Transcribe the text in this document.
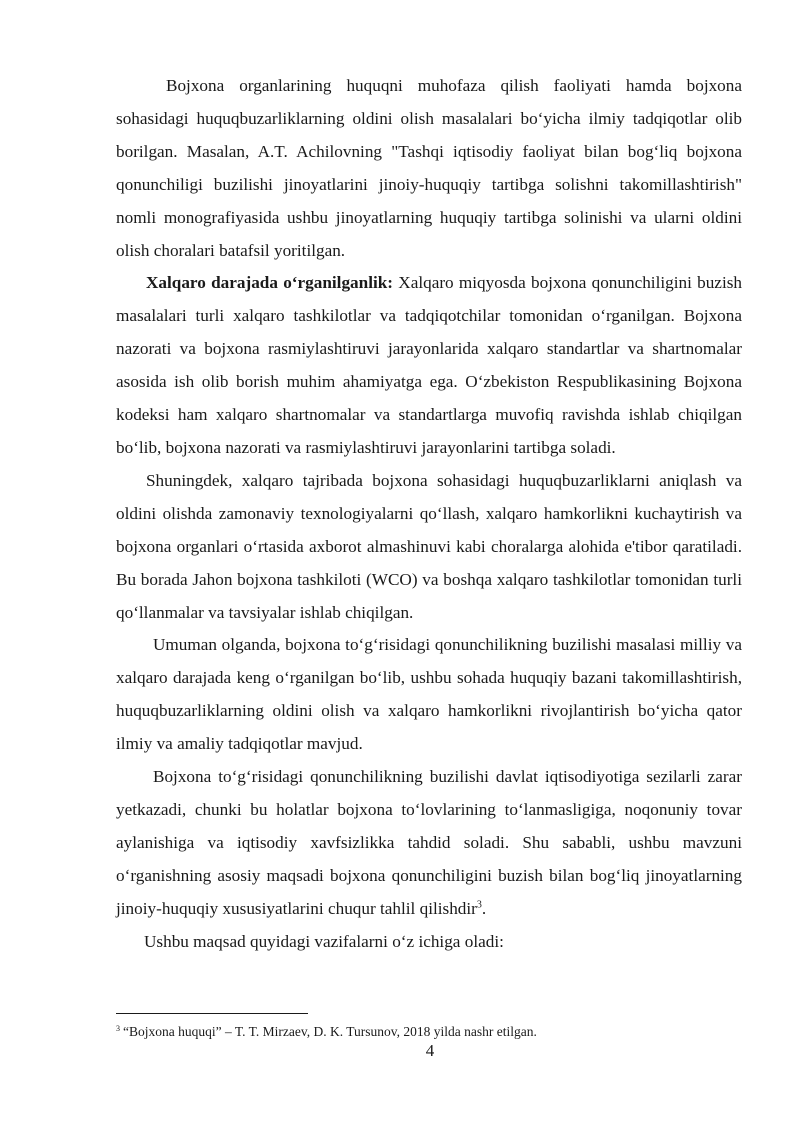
Bojxona organlarining huquqni muhofaza qilish faoliyati hamda bojxona sohasidagi huquqbuzarliklarning oldini olish masalalari bo‘yicha ilmiy tadqiqotlar olib borilgan. Masalan, A.T. Achilovning "Tashqi iqtisodiy faoliyat bilan bog‘liq bojxona qonunchiligi buzilishi jinoyatlarini jinoiy-huquqiy tartibga solishni takomillashtirish" nomli monografiyasida ushbu jinoyatlarning huquqiy tartibga solinishi va ularni oldini olish choralari batafsil yoritilgan.

Xalqaro darajada o‘rganilganlik: Xalqaro miqyosda bojxona qonunchiligini buzish masalalari turli xalqaro tashkilotlar va tadqiqotchilar tomonidan o‘rganilgan. Bojxona nazorati va bojxona rasmiylashtiruvi jarayonlarida xalqaro standartlar va shartnomalar asosida ish olib borish muhim ahamiyatga ega. O‘zbekiston Respublikasining Bojxona kodeksi ham xalqaro shartnomalar va standartlarga muvofiq ravishda ishlab chiqilgan bo‘lib, bojxona nazorati va rasmiylashtiruvi jarayonlarini tartibga soladi.

Shuningdek, xalqaro tajribada bojxona sohasidagi huquqbuzarliklarni aniqlash va oldini olishda zamonaviy texnologiyalarni qo‘llash, xalqaro hamkorlikni kuchaytirish va bojxona organlari o‘rtasida axborot almashinuvi kabi choralarga alohida e'tibor qaratiladi. Bu borada Jahon bojxona tashkiloti (WCO) va boshqa xalqaro tashkilotlar tomonidan turli qo‘llanmalar va tavsiyalar ishlab chiqilgan.

Umuman olganda, bojxona to‘g‘risidagi qonunchilikning buzilishi masalasi milliy va xalqaro darajada keng o‘rganilgan bo‘lib, ushbu sohada huquqiy bazani takomillashtirish, huquqbuzarliklarning oldini olish va xalqaro hamkorlikni rivojlantirish bo‘yicha qator ilmiy va amaliy tadqiqotlar mavjud.

Bojxona to‘g‘risidagi qonunchilikning buzilishi davlat iqtisodiyotiga sezilarli zarar yetkazadi, chunki bu holatlar bojxona to‘lovlarining to‘lanmasligiga, noqonuniy tovar aylanishiga va iqtisodiy xavfsizlikka tahdid soladi. Shu sababli, ushbu mavzuni o‘rganishning asosiy maqsadi bojxona qonunchiligini buzish bilan bog‘liq jinoyatlarning jinoiy-huquqiy xususiyatlarini chuqur tahlil qilishdir$^3$.

Ushbu maqsad quyidagi vazifalarni o‘z ichiga oladi:

$^3$ “Bojxona huquqi” – T. T. Mirzaev, D. K. Tursunov, 2018 yilda nashr etilgan.
4
